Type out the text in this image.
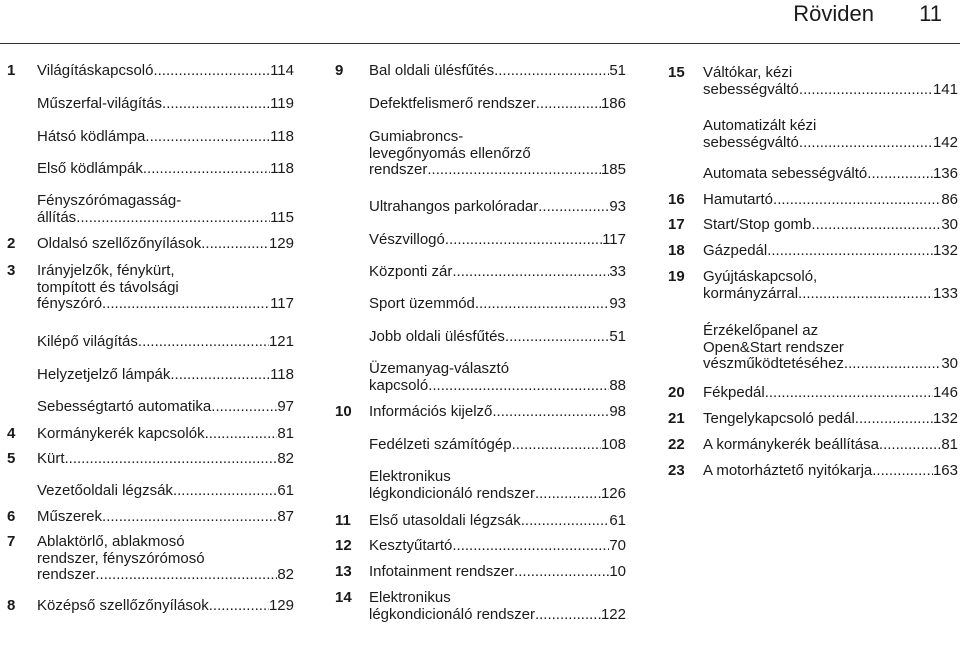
Röviden 11
1 Világításkapcsoló .....	114
Műszerfal-világítás .....	119
Hátsó ködlámpa .....	118
Első ködlámpák .....	118
Fényszórómagasság-
állítás .....	115
2 Oldalsó szellőzőnyílások .....	129
3 Irányjelzők, fénykürt,
tompított és távolsági
fényszóró .....	117
Kilépő világítás .....	121
Helyzetjelző lámpák .....	118
Sebességtartó automatika .....	97
4 Kormánykerék kapcsolók .....	81
5 Kürt .....	82
Vezetőoldali légzsák .....	61
6 Műszerek .....	87
7 Ablaktörlő, ablakmosó
rendszer, fényszórómosó
rendszer .....	82
8 Középső szellőzőnyílások .....	129
9 Bal oldali ülésfűtés .....	51
Defektfelismerő rendszer .....	186
Gumiabroncs-
levegőnyomás ellenőrző
rendszer .....	185
Ultrahangos parkolóradar .....	93
Vészvillogó .....	117
Központi zár .....	33
Sport üzemmód .....	93
Jobb oldali ülésfűtés .....	51
Üzemanyag-választó
kapcsoló .....	88
10 Információs kijelző .....	98
Fedélzeti számítógép .....	108
Elektronikus
légkondicionáló rendszer .....	126
11 Első utasoldali légzsák .....	61
12 Kesztyűtartó .....	70
13 Infotainment rendszer .....	10
14 Elektronikus
légkondicionáló rendszer .....	122
15 Váltókar, kézi
sebességváltó .....	141
Automatizált kézi
sebességváltó .....	142
Automata sebességváltó .....	136
16 Hamutartó .....	86
17 Start/Stop gomb .....	30
18 Gázpedál .....	132
19 Gyújtáskapcsoló,
kormányzárral .....	133
Érzékelőpanel az
Open&Start rendszer
vészműködtetéséhez .....	30
20 Fékpedál .....	146
21 Tengelykapcsoló pedál .....	132
22 A kormánykerék beállítása .....	81
23 A motorháztető nyitókarja .....	163
